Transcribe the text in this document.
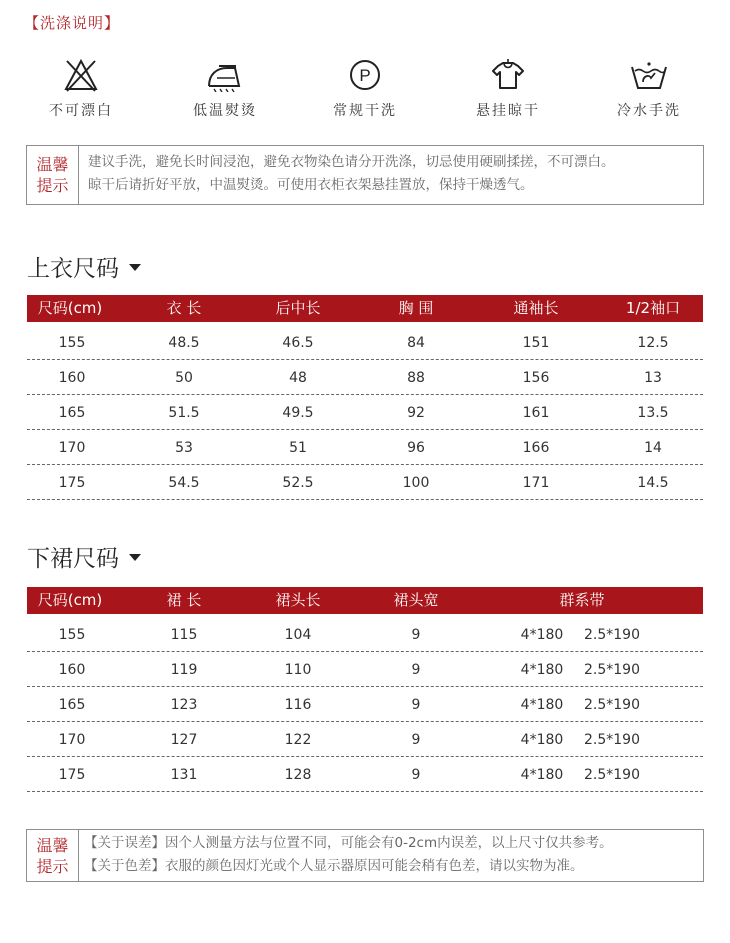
【洗涤说明】
不可漂白	低温熨烫
P
常规干洗	悬挂晾干	冷水手洗
温馨
提示
建议手洗，避免长时间浸泡，避免衣物染色请分开洗涤，切忌使用硬刷揉搓，不可漂白。
晾干后请折好平放，中温熨烫。可使用衣柜衣架悬挂置放，保持干燥透气。
上衣尺码
尺码(cm)	衣 长	后中长	胸 围	通袖长	1/2袖口
155	48.5	46.5	84	151	12.5
160	50	48	88	156	13
165	51.5	49.5	92	161	13.5
170	53	51	96	166	14
175	54.5	52.5	100	171	14.5
下裙尺码
尺码(cm)	裙 长	裙头长	裙头宽	群系带
155	115	104	9	4*180 2.5*190
160	119	110	9	4*180 2.5*190
165	123	116	9	4*180 2.5*190
170	127	122	9	4*180 2.5*190
175	131	128	9	4*180 2.5*190
温馨
提示
【关于误差】因个人测量方法与位置不同，可能会有0-2cm内误差，以上尺寸仅共参考。
【关于色差】衣服的颜色因灯光或个人显示器原因可能会稍有色差，请以实物为准。
